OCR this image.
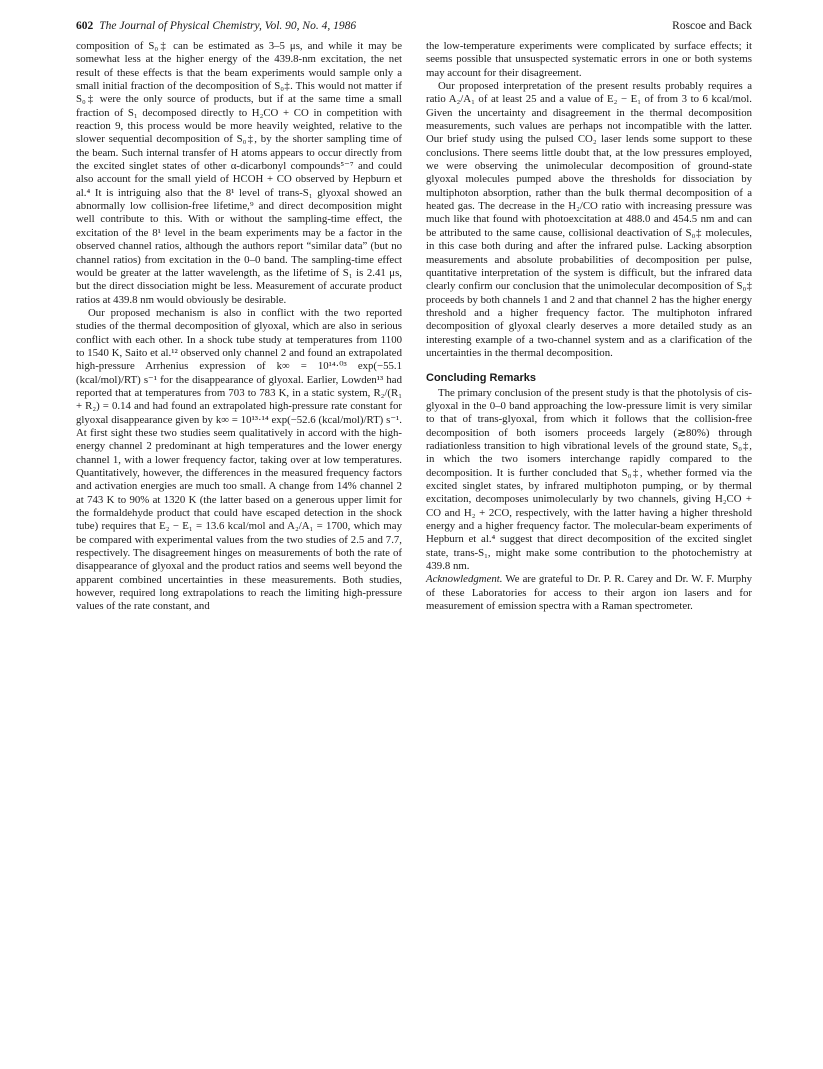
602 The Journal of Physical Chemistry, Vol. 90, No. 4, 1986	Roscoe and Back

composition of S₀‡ can be estimated as 3–5 μs, and while it may be somewhat less at the higher energy of the 439.8-nm excitation, the net result of these effects is that the beam experiments would sample only a small initial fraction of the decomposition of S₀‡. This would not matter if S₀‡ were the only source of products, but if at the same time a small fraction of S₁ decomposed directly to H₂CO + CO in competition with reaction 9, this process would be more heavily weighted, relative to the slower sequential decomposition of S₀‡, by the shorter sampling time of the beam. Such internal transfer of H atoms appears to occur directly from the excited singlet states of other α-dicarbonyl compounds⁵⁻⁷ and could also account for the small yield of HCOH + CO observed by Hepburn et al.⁴ It is intriguing also that the 8¹ level of trans-S₁ glyoxal showed an abnormally low collision-free lifetime,⁹ and direct decomposition might well contribute to this. With or without the sampling-time effect, the excitation of the 8¹ level in the beam experiments may be a factor in the observed channel ratios, although the authors report “similar data” (but no channel ratios) from excitation in the 0–0 band. The sampling-time effect would be greater at the latter wavelength, as the lifetime of S₁ is 2.41 μs, but the direct dissociation might be less. Measurement of accurate product ratios at 439.8 nm would obviously be desirable.

Our proposed mechanism is also in conflict with the two reported studies of the thermal decomposition of glyoxal, which are also in serious conflict with each other. In a shock tube study at temperatures from 1100 to 1540 K, Saito et al.¹² observed only channel 2 and found an extrapolated high-pressure Arrhenius expression of k∞ = 10¹⁴·⁰³ exp(−55.1 (kcal/mol)/RT) s⁻¹ for the disappearance of glyoxal. Earlier, Lowden¹³ had reported that at temperatures from 703 to 783 K, in a static system, R₂/(R₁ + R₂) = 0.14 and had found an extrapolated high-pressure rate constant for glyoxal disappearance given by k∞ = 10¹³·¹⁴ exp(−52.6 (kcal/mol)/RT) s⁻¹. At first sight these two studies seem qualitatively in accord with the high-energy channel 2 predominant at high temperatures and the lower energy channel 1, with a lower frequency factor, taking over at low temperatures. Quantitatively, however, the differences in the measured frequency factors and activation energies are much too small. A change from 14% channel 2 at 743 K to 90% at 1320 K (the latter based on a generous upper limit for the formaldehyde product that could have escaped detection in the shock tube) requires that E₂ − E₁ = 13.6 kcal/mol and A₂/A₁ = 1700, which may be compared with experimental values from the two studies of 2.5 and 7.7, respectively. The disagreement hinges on measurements of both the rate of disappearance of glyoxal and the product ratios and seems well beyond the apparent combined uncertainties in these measurements. Both studies, however, required long extrapolations to reach the limiting high-pressure values of the rate constant, and

the low-temperature experiments were complicated by surface effects; it seems possible that unsuspected systematic errors in one or both systems may account for their disagreement.

Our proposed interpretation of the present results probably requires a ratio A₂/A₁ of at least 25 and a value of E₂ − E₁ of from 3 to 6 kcal/mol. Given the uncertainty and disagreement in the thermal decomposition measurements, such values are perhaps not incompatible with the latter. Our brief study using the pulsed CO₂ laser lends some support to these conclusions. There seems little doubt that, at the low pressures employed, we were observing the unimolecular decomposition of ground-state glyoxal molecules pumped above the thresholds for dissociation by multiphoton absorption, rather than the bulk thermal decomposition of a heated gas. The decrease in the H₂/CO ratio with increasing pressure was much like that found with photoexcitation at 488.0 and 454.5 nm and can be attributed to the same cause, collisional deactivation of S₀‡ molecules, in this case both during and after the infrared pulse. Lacking absorption measurements and absolute probabilities of decomposition per pulse, quantitative interpretation of the system is difficult, but the infrared data clearly confirm our conclusion that the unimolecular decomposition of S₀‡ proceeds by both channels 1 and 2 and that channel 2 has the higher energy threshold and a higher frequency factor. The multiphoton infrared decomposition of glyoxal clearly deserves a more detailed study as an interesting example of a two-channel system and as a clarification of the uncertainties in the thermal decomposition.

Concluding Remarks

The primary conclusion of the present study is that the photolysis of cis-glyoxal in the 0–0 band approaching the low-pressure limit is very similar to that of trans-glyoxal, from which it follows that the collision-free decomposition of both isomers proceeds largely (≳80%) through radiationless transition to high vibrational levels of the ground state, S₀‡, in which the two isomers interchange rapidly compared to the decomposition. It is further concluded that S₀‡, whether formed via the excited singlet states, by infrared multiphoton pumping, or by thermal excitation, decomposes unimolecularly by two channels, giving H₂CO + CO and H₂ + 2CO, respectively, with the latter having a higher threshold energy and a higher frequency factor. The molecular-beam experiments of Hepburn et al.⁴ suggest that direct decomposition of the excited singlet state, trans-S₁, might make some contribution to the photochemistry at 439.8 nm.

Acknowledgment. We are grateful to Dr. P. R. Carey and Dr. W. F. Murphy of these Laboratories for access to their argon ion lasers and for measurement of emission spectra with a Raman spectrometer.
